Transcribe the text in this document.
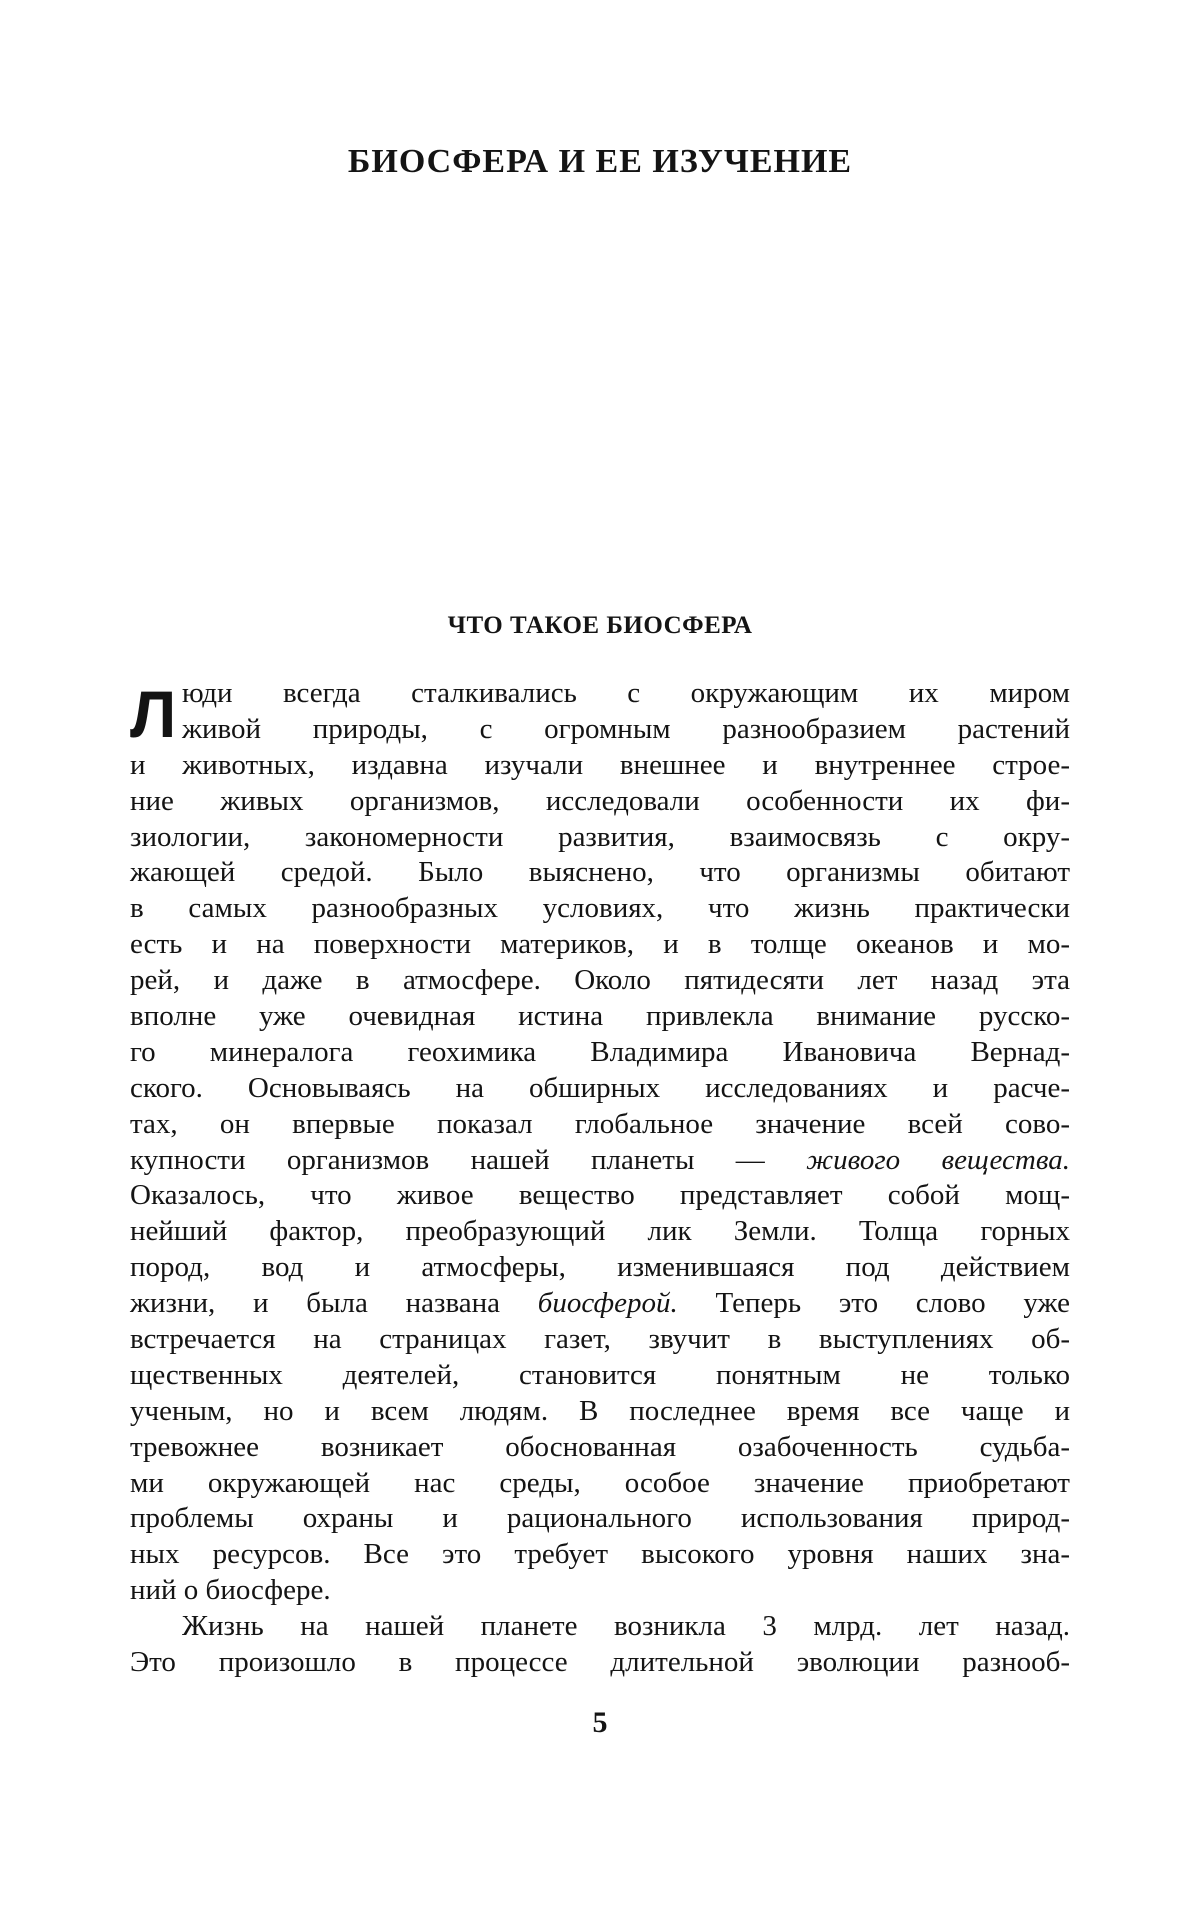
БИОСФЕРА И ЕЕ ИЗУЧЕНИЕ
ЧТО ТАКОЕ БИОСФЕРА
Л юди всегда сталкивались с окружающим их миром
живой природы, с огромным разнообразием растений
и животных, издавна изучали внешнее и внутреннее строе-
ние живых организмов, исследовали особенности их фи-
зиологии, закономерности развития, взаимосвязь с окру-
жающей средой. Было выяснено, что организмы обитают
в самых разнообразных условиях, что жизнь практически
есть и на поверхности материков, и в толще океанов и мо-
рей, и даже в атмосфере. Около пятидесяти лет назад эта
вполне уже очевидная истина привлекла внимание русско-
го минералога геохимика Владимира Ивановича Вернад-
ского. Основываясь на обширных исследованиях и расче-
тах, он впервые показал глобальное значение всей сово-
купности организмов нашей планеты — живого вещества.
Оказалось, что живое вещество представляет собой мощ-
нейший фактор, преобразующий лик Земли. Толща горных
пород, вод и атмосферы, изменившаяся под действием
жизни, и была названа биосферой. Теперь это слово уже
встречается на страницах газет, звучит в выступлениях об-
щественных деятелей, становится понятным не только
ученым, но и всем людям. В последнее время все чаще и
тревожнее возникает обоснованная озабоченность судьба-
ми окружающей нас среды, особое значение приобретают
проблемы охраны и рационального использования природ-
ных ресурсов. Все это требует высокого уровня наших зна-
ний о биосфере.
Жизнь на нашей планете возникла 3 млрд. лет назад.
Это произошло в процессе длительной эволюции разнооб-
5
